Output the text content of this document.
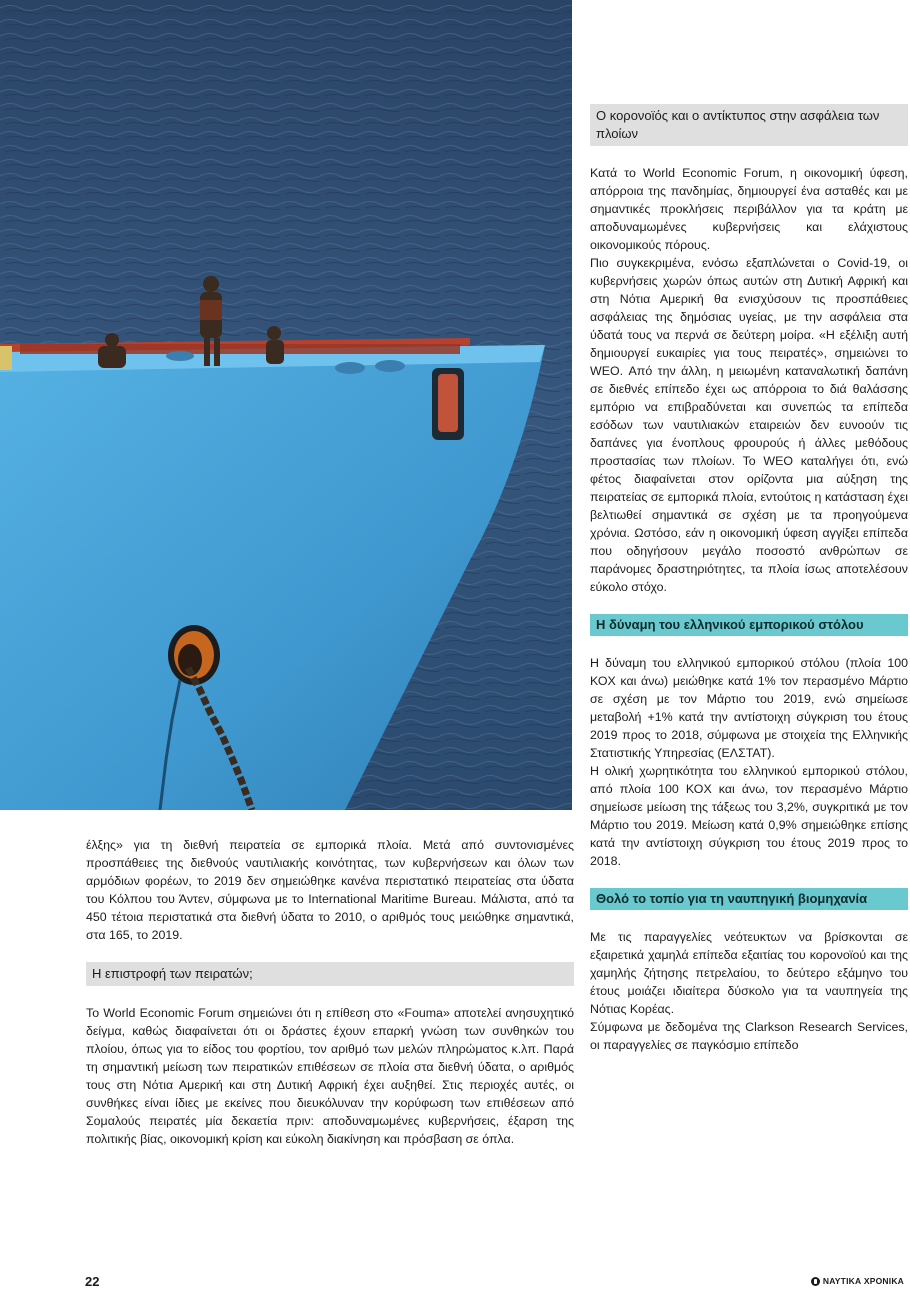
Ο κορονοϊός και ο αντίκτυπος στην ασφάλεια των πλοίων

Κατά το World Economic Forum, η οικονομική ύφεση, απόρροια της πανδημίας, δημιουργεί ένα ασταθές και με σημαντικές προκλήσεις περιβάλλον για τα κράτη με αποδυναμωμένες κυβερνήσεις και ελάχιστους οικονομικούς πόρους.

Πιο συγκεκριμένα, ενόσω εξαπλώνεται ο Covid-19, οι κυβερνήσεις χωρών όπως αυτών στη Δυτική Αφρική και στη Νότια Αμερική θα ενισχύσουν τις προσπάθειες ασφάλειας της δημόσιας υγείας, με την ασφάλεια στα ύδατά τους να περνά σε δεύτερη μοίρα. «Η εξέλιξη αυτή δημιουργεί ευκαιρίες για τους πειρατές», σημειώνει το WEO. Από την άλλη, η μειωμένη καταναλωτική δαπάνη σε διεθνές επίπεδο έχει ως απόρροια το διά θαλάσσης εμπόριο να επιβραδύνεται και συνεπώς τα επίπεδα εσόδων των ναυτιλιακών εταιρειών δεν ευνοούν τις δαπάνες για ένοπλους φρουρούς ή άλλες μεθόδους προστασίας των πλοίων. Το WEO καταλήγει ότι, ενώ φέτος διαφαίνεται στον ορίζοντα μια αύξηση της πειρατείας σε εμπορικά πλοία, εντούτοις η κατάσταση έχει βελτιωθεί σημαντικά σε σχέση με τα προηγούμενα χρόνια. Ωστόσο, εάν η οικονομική ύφεση αγγίξει επίπεδα που οδηγήσουν μεγάλο ποσοστό ανθρώπων σε παράνομες δραστηριότητες, τα πλοία ίσως αποτελέσουν εύκολο στόχο.

Η δύναμη του ελληνικού εμπορικού στόλου

Η δύναμη του ελληνικού εμπορικού στόλου (πλοία 100 ΚΟΧ και άνω) μειώθηκε κατά 1% τον περασμένο Μάρτιο σε σχέση με τον Μάρτιο του 2019, ενώ σημείωσε μεταβολή +1% κατά την αντίστοιχη σύγκριση του έτους 2019 προς το 2018, σύμφωνα με στοιχεία της Ελληνικής Στατιστικής Υπηρεσίας (ΕΛΣΤΑΤ).

Η ολική χωρητικότητα του ελληνικού εμπορικού στόλου, από πλοία 100 ΚΟΧ και άνω, τον περασμένο Μάρτιο σημείωσε μείωση της τάξεως του 3,2%, συγκριτικά με τον Μάρτιο του 2019. Μείωση κατά 0,9% σημειώθηκε επίσης κατά την αντίστοιχη σύγκριση του έτους 2019 προς το 2018.

Θολό το τοπίο για τη ναυπηγική βιομηχανία

Με τις παραγγελίες νεότευκτων να βρίσκονται σε εξαιρετικά χαμηλά επίπεδα εξαιτίας του κορονοϊού και της χαμηλής ζήτησης πετρελαίου, το δεύτερο εξάμηνο του έτους μοιάζει ιδιαίτερα δύσκολο για τα ναυπηγεία της Νότιας Κορέας.

Σύμφωνα με δεδομένα της Clarkson Research Services, οι παραγγελίες σε παγκόσμιο επίπεδο

έλξης» για τη διεθνή πειρατεία σε εμπορικά πλοία. Μετά από συντονισμένες προσπάθειες της διεθνούς ναυτιλιακής κοινότητας, των κυβερνήσεων και όλων των αρμόδιων φορέων, το 2019 δεν σημειώθηκε κανένα περιστατικό πειρατείας στα ύδατα του Κόλπου του Άντεν, σύμφωνα με το International Maritime Bureau. Μάλιστα, από τα 450 τέτοια περιστατικά στα διεθνή ύδατα το 2010, ο αριθμός τους μειώθηκε σημαντικά, στα 165, το 2019.

Η επιστροφή των πειρατών;

Το World Economic Forum σημειώνει ότι η επίθεση στο «Fouma» αποτελεί ανησυχητικό δείγμα, καθώς διαφαίνεται ότι οι δράστες έχουν επαρκή γνώση των συνθηκών του πλοίου, όπως για το είδος του φορτίου, τον αριθμό των μελών πληρώματος κ.λπ. Παρά τη σημαντική μείωση των πειρατικών επιθέσεων σε πλοία στα διεθνή ύδατα, ο αριθμός τους στη Νότια Αμερική και στη Δυτική Αφρική έχει αυξηθεί. Στις περιοχές αυτές, οι συνθήκες είναι ίδιες με εκείνες που διευκόλυναν την κορύφωση των επιθέσεων από Σομαλούς πειρατές μία δεκαετία πριν: αποδυναμωμένες κυβερνήσεις, έξαρση της πολιτικής βίας, οικονομική κρίση και εύκολη διακίνηση και πρόσβαση σε όπλα.

22	ΝΑΥΤΙΚΑ ΧΡΟΝΙΚΑ
